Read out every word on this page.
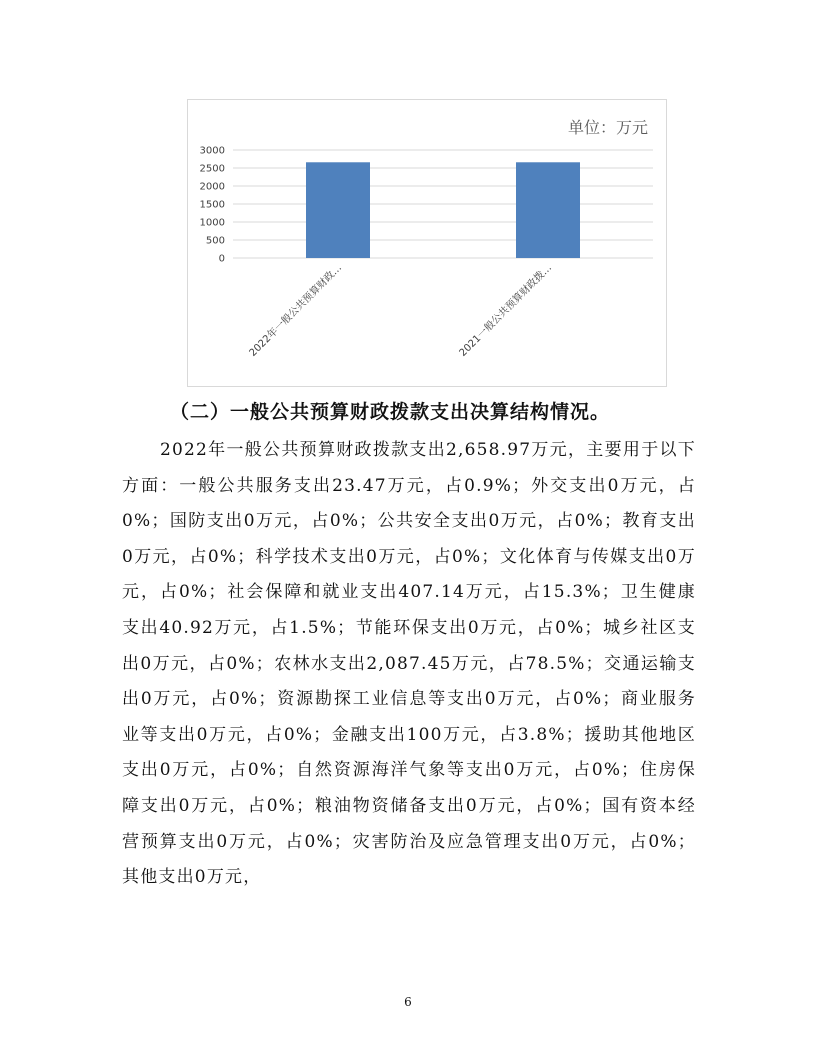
0
500
1000
1500
2000
2500
3000
2022年一般公共预算财政…	2021一般公共预算财政拨…
单位：万元
（二）一般公共预算财政拨款支出决算结构情况。

2022年一般公共预算财政拨款支出2,658.97万元，主要用于以下方面：一般公共服务支出23.47万元，占0.9%；外交支出0万元，占0%；国防支出0万元，占0%；公共安全支出0万元，占0%；教育支出0万元，占0%；科学技术支出0万元，占0%；文化体育与传媒支出0万元，占0%；社会保障和就业支出407.14万元，占15.3%；卫生健康支出40.92万元，占1.5%；节能环保支出0万元，占0%；城乡社区支出0万元，占0%；农林水支出2,087.45万元，占78.5%；交通运输支出0万元，占0%；资源勘探工业信息等支出0万元，占0%；商业服务业等支出0万元，占0%；金融支出100万元，占3.8%；援助其他地区支出0万元，占0%；自然资源海洋气象等支出0万元，占0%；住房保障支出0万元，占0%；粮油物资储备支出0万元，占0%；国有资本经营预算支出0万元，占0%；灾害防治及应急管理支出0万元，占0%；其他支出0万元，

6
